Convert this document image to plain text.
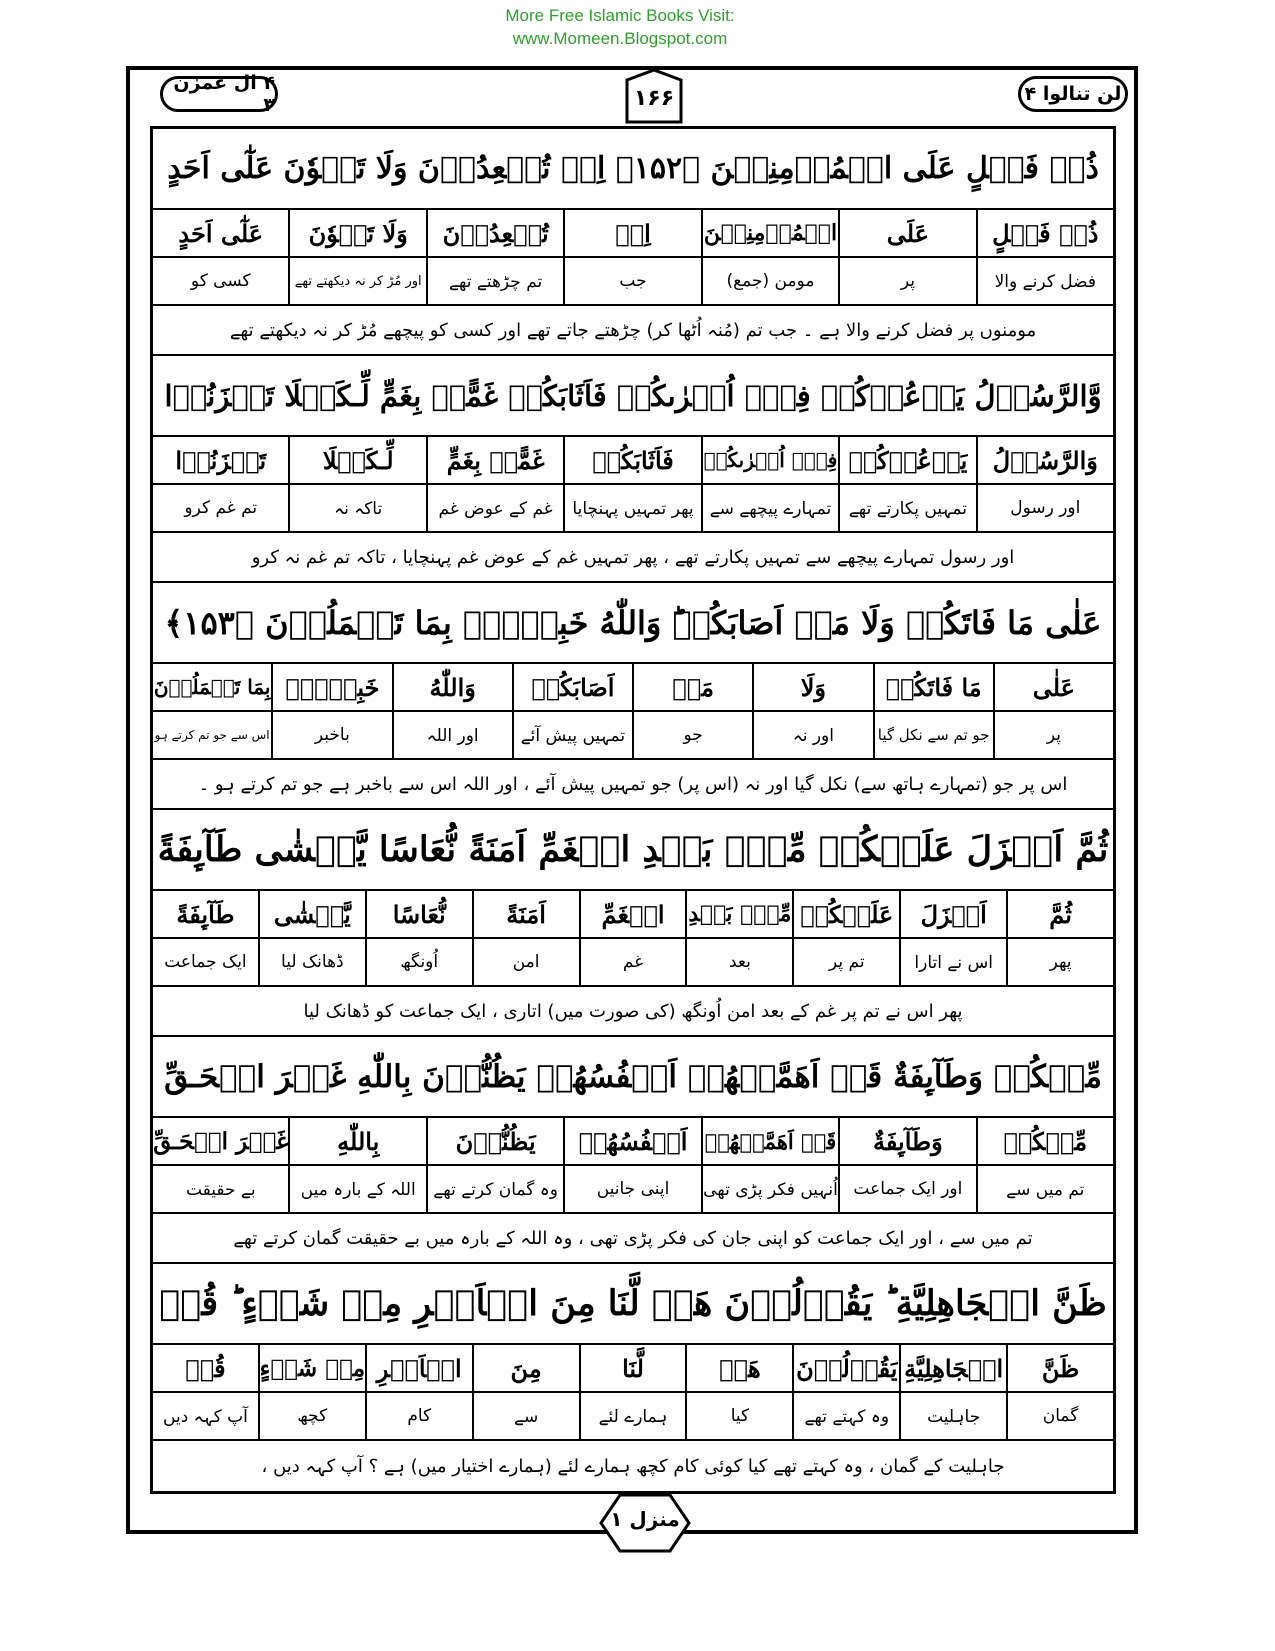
More Free Islamic Books Visit:
www.Momeen.Blogspot.com
۴ ال عمرٰن ۳	لن تنالوا ۴
۱۶۶
ذُوۡ فَضۡلٍ عَلَى الۡمُؤۡمِنِيۡنَ ﴿۱۵۲﴾ اِذۡ تُصۡعِدُوۡنَ وَلَا تَلۡوٗنَ عَلٰٓى اَحَدٍ
ذُوۡ فَضۡلٍ
عَلَى
الۡمُؤۡمِنِيۡنَ
اِذۡ
تُصۡعِدُوۡنَ
وَلَا تَلۡوٗنَ
عَلٰٓى اَحَدٍ
فضل کرنے والا
پر
مومن (جمع)
جب
تم چڑھتے تھے
اور مُڑ کر نہ دیکھتے تھے
کسی کو
مومنوں پر فضل کرنے والا ہے ۔ جب تم (مُنہ اُٹھا کر) چڑھتے جاتے تھے اور کسی کو پیچھے مُڑ کر نہ دیکھتے تھے
وَّالرَّسُوۡلُ يَدۡعُوۡكُمۡ فِىۡۤ اُخۡرٰٮكُمۡ فَاَثَابَكُمۡ غَمًّاۢ بِغَمٍّ لِّـكَيۡلَا تَحۡزَنُوۡا
وَالرَّسُوۡلُ
يَدۡعُوۡكُمۡ
فِىۡۤ اُخۡرٰٮكُمۡ
فَاَثَابَكُمۡ
غَمًّاۢ بِغَمٍّ
لِّـكَيۡلَا
تَحۡزَنُوۡا
اور رسول
تمہیں پکارتے تھے
تمہارے پیچھے سے
پھر تمہیں پہنچایا
غم کے عوض غم
تاکہ نہ
تم غم کرو
اور رسول تمہارے پیچھے سے تمہیں پکارتے تھے ، پھر تمہیں غم کے عوض غم پہنچایا ، تاکہ تم غم نہ کرو
عَلٰى مَا فَاتَكُمۡ وَلَا مَاۤ اَصَابَكُمۡ‌ؕ وَاللّٰهُ خَبِيۡرٌۢ بِمَا تَعۡمَلُوۡنَ ﴿۱۵۳﴾
عَلٰى
مَا فَاتَكُمۡ
وَلَا
مَاۤ
اَصَابَكُمۡ
وَاللّٰهُ
خَبِيۡرٌۢ
بِمَا تَعۡمَلُوۡنَ
پر
جو تم سے نکل گیا
اور نہ
جو
تمہیں پیش آئے
اور اللہ
باخبر
اس سے جو تم کرتے ہو
اس پر جو (تمہارے ہاتھ سے) نکل گیا اور نہ (اس پر) جو تمہیں پیش آئے ، اور اللہ اس سے باخبر ہے جو تم کرتے ہو ۔
ثُمَّ اَنۡزَلَ عَلَيۡكُمۡ مِّنۡۢ بَعۡدِ الۡغَمِّ اَمَنَةً نُّعَاسًا يَّغۡشٰى طَآٮِٕفَةً
ثُمَّ
اَنۡزَلَ
عَلَيۡكُمۡ
مِّنۡۢ بَعۡدِ
الۡغَمِّ
اَمَنَةً
نُّعَاسًا
يَّغۡشٰى
طَآٮِٕفَةً
پھر
اس نے اتارا
تم پر
بعد
غم
امن
اُونگھ
ڈھانک لیا
ایک جماعت
پھر اس نے تم پر غم کے بعد امن اُونگھ (کی صورت میں) اتاری ، ایک جماعت کو ڈھانک لیا
مِّنۡكُمۡ‌ وَطَآٮِٕفَةٌ قَدۡ اَهَمَّتۡهُمۡ اَنۡفُسُهُمۡ يَظُنُّوۡنَ بِاللّٰهِ غَيۡرَ الۡحَـقِّ
مِّنۡكُمۡ
وَطَآٮِٕفَةٌ
قَدۡ اَهَمَّتۡهُمۡ
اَنۡفُسُهُمۡ
يَظُنُّوۡنَ
بِاللّٰهِ
غَيۡرَ الۡحَـقِّ
تم میں سے
اور ایک جماعت
اُنہیں فکر پڑی تھی
اپنی جانیں
وہ گمان کرتے تھے
اللہ کے بارہ میں
بے حقیقت
تم میں سے ، اور ایک جماعت کو اپنی جان کی فکر پڑی تھی ، وہ اللہ کے بارہ میں بے حقیقت گمان کرتے تھے
ظَنَّ الۡجَاهِلِيَّةِ‌ ؕ يَقُوۡلُوۡنَ هَلۡ لَّنَا مِنَ الۡاَمۡرِ مِنۡ شَىۡءٍ‌ ؕ قُلۡ
ظَنَّ
الۡجَاهِلِيَّةِ
يَقُوۡلُوۡنَ
هَلۡ
لَّنَا
مِنَ
الۡاَمۡرِ
مِنۡ شَىۡءٍ
قُلۡ
گمان
جاہلیت
وہ کہتے تھے
کیا
ہمارے لئے
سے
کام
کچھ
آپ کہہ دیں
جاہلیت کے گمان ، وہ کہتے تھے کیا کوئی کام کچھ ہمارے لئے (ہمارے اختیار میں) ہے ؟ آپ کہہ دیں ،
منزل ۱
